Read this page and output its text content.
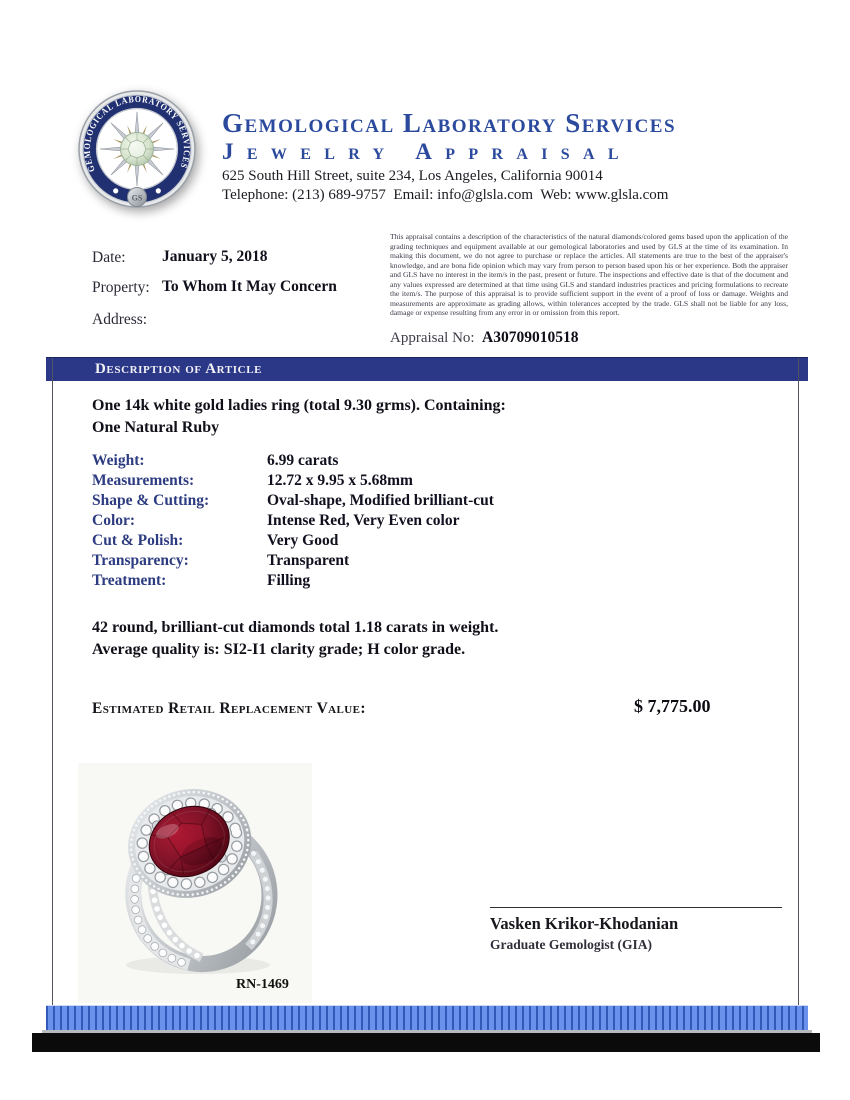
GEMOLOGICAL LABORATORY SERVICES
GS
Gemological Laboratory Services
Jewelry Appraisal
625 South Hill Street, suite 234, Los Angeles, California 90014
Telephone: (213) 689-9757  Email: info@glsla.com  Web: www.glsla.com
Date: January 5, 2018
Property: To Whom It May Concern
Address:
This appraisal contains a description of the characteristics of the natural diamonds/colored gems based upon the application of the grading techniques and equipment available at our gemological laboratories and used by GLS at the time of its examination. In making this document, we do not agree to purchase or replace the articles. All statements are true to the best of the appraiser's knowledge, and are bona fide opinion which may vary from person to person based upon his or her experience. Both the appraiser and GLS have no interest in the item/s in the past, present or future. The inspections and effective date is that of the document and any values expressed are determined at that time using GLS and standard industries practices and pricing formulations to recreate the item/s. The purpose of this appraisal is to provide sufficient support in the event of a proof of loss or damage. Weights and measurements are approximate as grading allows, within tolerances accepted by the trade. GLS shall not be liable for any loss, damage or expense resulting from any error in or omission from this report.
Appraisal No: A30709010518
Description of Article
One 14k white gold ladies ring (total 9.30 grms). Containing:
One Natural Ruby
Weight:	6.99 carats
Measurements:	12.72 x 9.95 x 5.68mm
Shape & Cutting:	Oval-shape, Modified brilliant-cut
Color:	Intense Red, Very Even color
Cut & Polish:	Very Good
Transparency:	Transparent
Treatment:	Filling
42 round, brilliant-cut diamonds total 1.18 carats in weight.
Average quality is: SI2-I1 clarity grade; H color grade.
Estimated Retail Replacement Value:	$ 7,775.00
RN-1469
Vasken Krikor-Khodanian
Graduate Gemologist (GIA)
